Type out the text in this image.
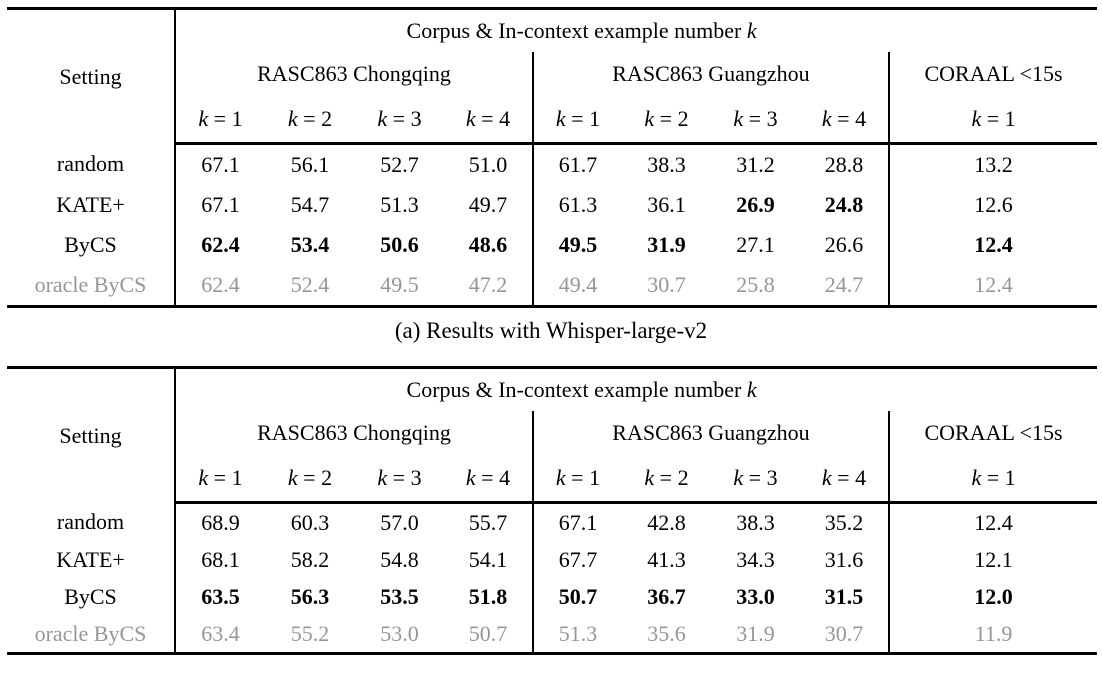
Setting	Corpus & In-context example number k								
	RASC863 Chongqing				RASC863 Guangzhou				CORAAL <15s
	k = 1	k = 2	k = 3	k = 4	k = 1	k = 2	k = 3	k = 4	k = 1
random	67.1	56.1	52.7	51.0	61.7	38.3	31.2	28.8	13.2
KATE+	67.1	54.7	51.3	49.7	61.3	36.1	26.9	24.8	12.6
ByCS	62.4	53.4	50.6	48.6	49.5	31.9	27.1	26.6	12.4
oracle ByCS	62.4	52.4	49.5	47.2	49.4	30.7	25.8	24.7	12.4
(a) Results with Whisper-large-v2
Setting	Corpus & In-context example number k								
	RASC863 Chongqing				RASC863 Guangzhou				CORAAL <15s
	k = 1	k = 2	k = 3	k = 4	k = 1	k = 2	k = 3	k = 4	k = 1
random	68.9	60.3	57.0	55.7	67.1	42.8	38.3	35.2	12.4
KATE+	68.1	58.2	54.8	54.1	67.7	41.3	34.3	31.6	12.1
ByCS	63.5	56.3	53.5	51.8	50.7	36.7	33.0	31.5	12.0
oracle ByCS	63.4	55.2	53.0	50.7	51.3	35.6	31.9	30.7	11.9
